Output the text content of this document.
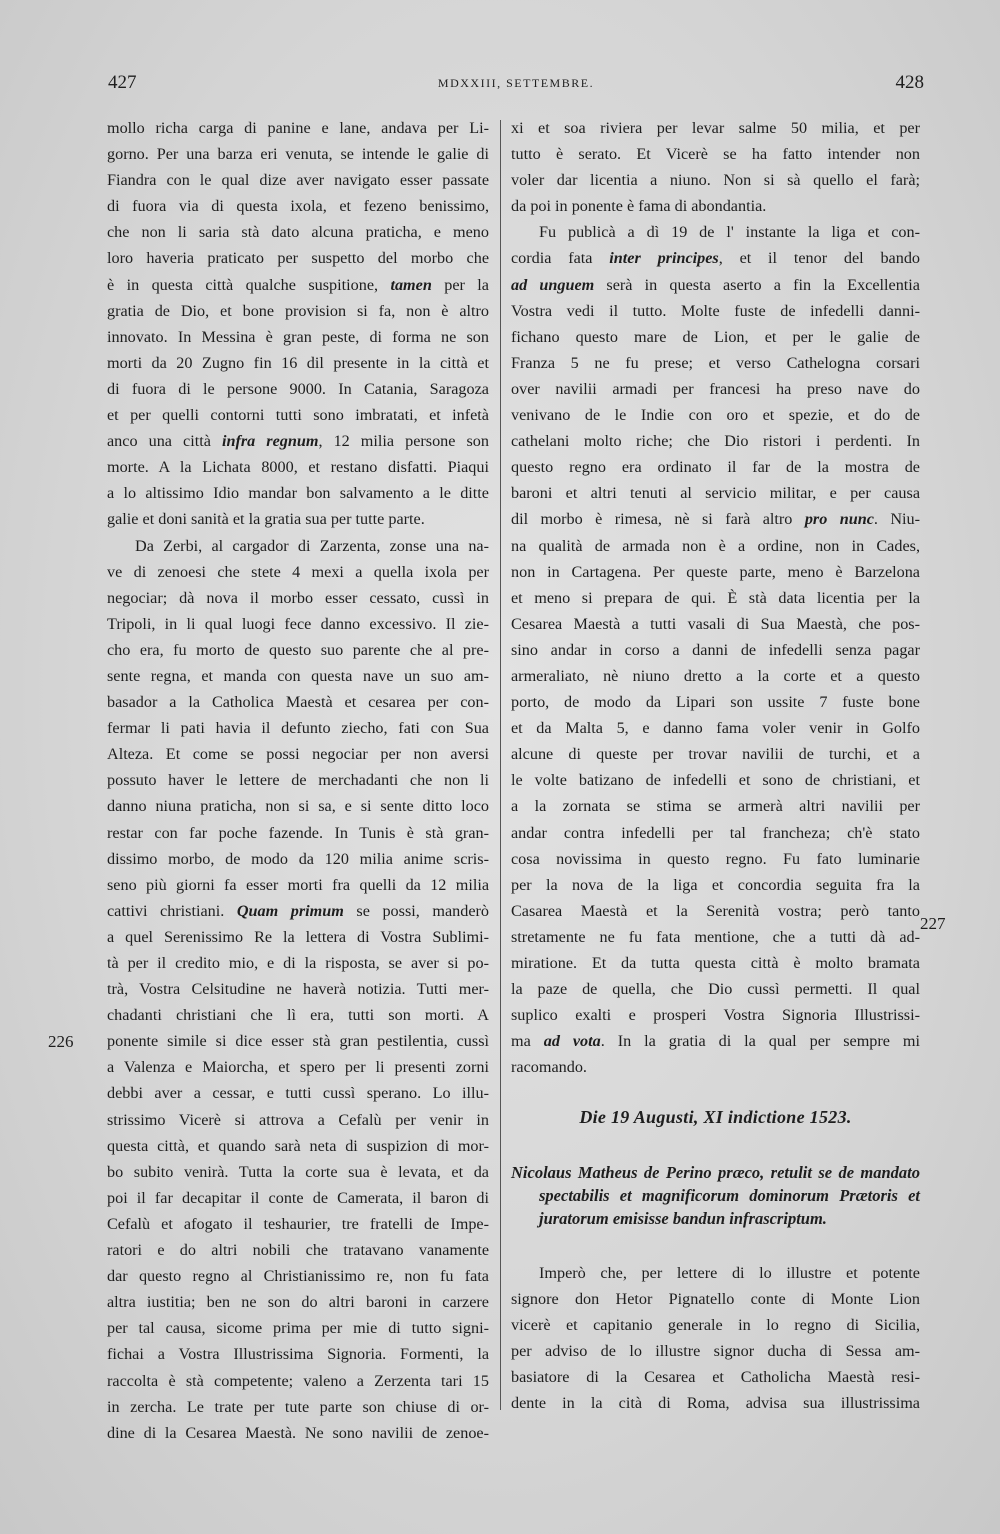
427	MDXXIII, SETTEMBRE.	428
226
227
mollo richa carga di panine e lane, andava per Li-
gorno. Per una barza eri venuta, se intende le galie di
Fiandra con le qual dize aver navigato esser passate
di fuora via di questa ixola, et fezeno benissimo,
che non li saria stà dato alcuna praticha, e meno
loro haveria praticato per suspetto del morbo che
è in questa città qualche suspitione, tamen per la
gratia de Dio, et bone provision si fa, non è altro
innovato. In Messina è gran peste, di forma ne son
morti da 20 Zugno fin 16 dil presente in la città et
di fuora di le persone 9000. In Catania, Saragoza
et per quelli contorni tutti sono imbratati, et infetà
anco una città infra regnum, 12 milia persone son
morte. A la Lichata 8000, et restano disfatti. Piaqui
a lo altissimo Idio mandar bon salvamento a le ditte
galie et doni sanità et la gratia sua per tutte parte.
Da Zerbi, al cargador di Zarzenta, zonse una na-
ve di zenoesi che stete 4 mexi a quella ixola per
negociar; dà nova il morbo esser cessato, cussì in
Tripoli, in li qual luogi fece danno excessivo. Il zie-
cho era, fu morto de questo suo parente che al pre-
sente regna, et manda con questa nave un suo am-
basador a la Catholica Maestà et cesarea per con-
fermar li pati havia il defunto ziecho, fati con Sua
Alteza. Et come se possi negociar per non aversi
possuto haver le lettere de merchadanti che non li
danno niuna praticha, non si sa, e si sente ditto loco
restar con far poche fazende. In Tunis è stà gran-
dissimo morbo, de modo da 120 milia anime scris-
seno più giorni fa esser morti fra quelli da 12 milia
cattivi christiani. Quam primum se possi, manderò
a quel Serenissimo Re la lettera di Vostra Sublimi-
tà per il credito mio, e di la risposta, se aver si po-
trà, Vostra Celsitudine ne haverà notizia. Tutti mer-
chadanti christiani che lì era, tutti son morti. A
ponente simile si dice esser stà gran pestilentia, cussì
a Valenza e Maiorcha, et spero per li presenti zorni
debbi aver a cessar, e tutti cussì sperano. Lo illu-
strissimo Vicerè si attrova a Cefalù per venir in
questa città, et quando sarà neta di suspizion di mor-
bo subito venirà. Tutta la corte sua è levata, et da
poi il far decapitar il conte de Camerata, il baron di
Cefalù et afogato il teshaurier, tre fratelli de Impe-
ratori e do altri nobili che tratavano vanamente
dar questo regno al Christianissimo re, non fu fata
altra iustitia; ben ne son do altri baroni in carzere
per tal causa, sicome prima per mie di tutto signi-
fichai a Vostra Illustrissima Signoria. Formenti, la
raccolta è stà competente; valeno a Zerzenta tari 15
in zercha. Le trate per tute parte son chiuse di or-
dine di la Cesarea Maestà. Ne sono navilii de zenoe-
xi et soa riviera per levar salme 50 milia, et per
tutto è serato. Et Vicerè se ha fatto intender non
voler dar licentia a niuno. Non si sà quello el farà;
da poi in ponente è fama di abondantia.
Fu publicà a dì 19 de l' instante la liga et con-
cordia fata inter principes, et il tenor del bando
ad unguem serà in questa aserto a fin la Excellentia
Vostra vedi il tutto. Molte fuste de infedelli danni-
fichano questo mare de Lion, et per le galie de
Franza 5 ne fu prese; et verso Cathelogna corsari
over navilii armadi per francesi ha preso nave do
venivano de le Indie con oro et spezie, et do de
cathelani molto riche; che Dio ristori i perdenti. In
questo regno era ordinato il far de la mostra de
baroni et altri tenuti al servicio militar, e per causa
dil morbo è rimesa, nè si farà altro pro nunc. Niu-
na qualità de armada non è a ordine, non in Cades,
non in Cartagena. Per queste parte, meno è Barzelona
et meno si prepara de qui. È stà data licentia per la
Cesarea Maestà a tutti vasali di Sua Maestà, che pos-
sino andar in corso a danni de infedelli senza pagar
armeraliato, nè niuno dretto a la corte et a questo
porto, de modo da Lipari son ussite 7 fuste bone
et da Malta 5, e danno fama voler venir in Golfo
alcune di queste per trovar navilii de turchi, et a
le volte batizano de infedelli et sono de christiani, et
a la zornata se stima se armerà altri navilii per
andar contra infedelli per tal francheza; ch'è stato
cosa novissima in questo regno. Fu fato luminarie
per la nova de la liga et concordia seguita fra la
Casarea Maestà et la Serenità vostra; però tanto
stretamente ne fu fata mentione, che a tutti dà ad-
miratione. Et da tutta questa città è molto bramata
la paze de quella, che Dio cussì permetti. Il qual
suplico exalti e prosperi Vostra Signoria Illustrissi-
ma ad vota. In la gratia di la qual per sempre mi
racomando.
Die 19 Augusti, XI indictione 1523.
Nicolaus Matheus de Perino præco, retulit se de mandato spectabilis et magnificorum dominorum Prætoris et juratorum emisisse bandun infrascriptum.
Imperò che, per lettere di lo illustre et potente
signore don Hetor Pignatello conte di Monte Lion
vicerè et capitanio generale in lo regno di Sicilia,
per adviso de lo illustre signor ducha di Sessa am-
basiatore di la Cesarea et Catholicha Maestà resi-
dente in la cità di Roma, advisa sua illustrissima
